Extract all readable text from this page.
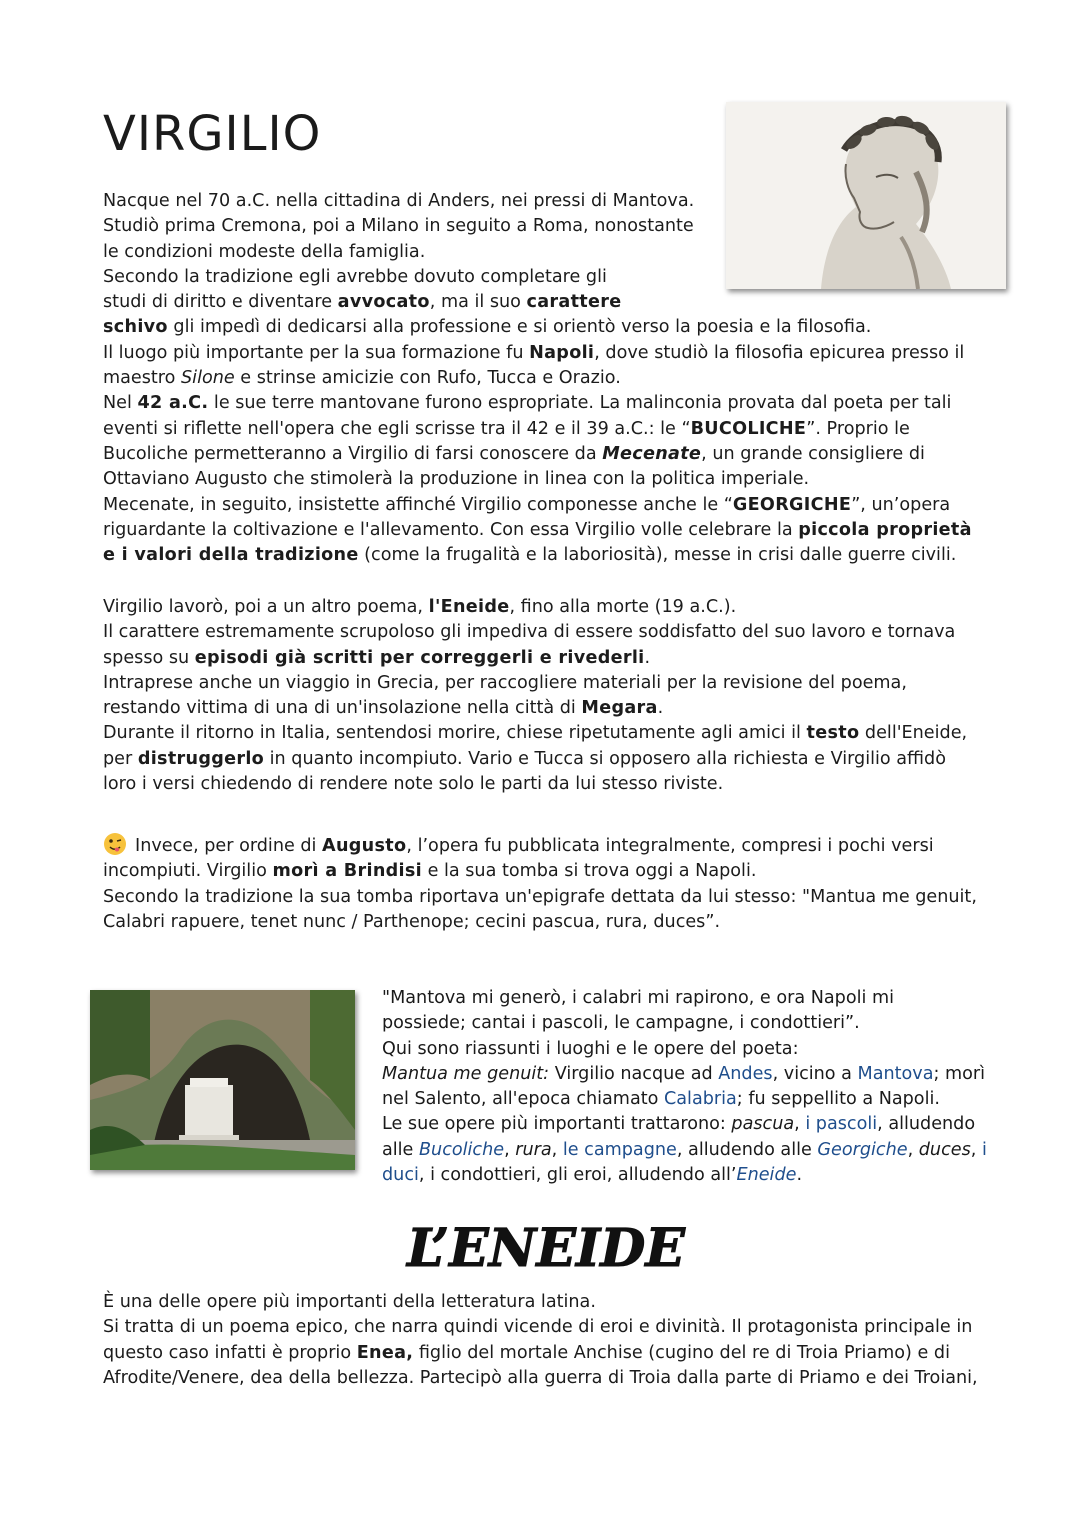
VIRGILIO
Nacque nel 70 a.C. nella cittadina di Anders, nei pressi di Mantova.
Studiò prima Cremona, poi a Milano in seguito a Roma, nonostante
le condizioni modeste della famiglia.
Secondo la tradizione egli avrebbe dovuto completare gli
studi di diritto e diventare avvocato, ma il suo carattere
schivo gli impedì di dedicarsi alla professione e si orientò verso la poesia e la filosofia.
Il luogo più importante per la sua formazione fu Napoli, dove studiò la filosofia epicurea presso il
maestro Silone e strinse amicizie con Rufo, Tucca e Orazio.
Nel 42 a.C. le sue terre mantovane furono espropriate. La malinconia provata dal poeta per tali
eventi si riflette nell'opera che egli scrisse tra il 42 e il 39 a.C.: le “BUCOLICHE”. Proprio le
Bucoliche permetteranno a Virgilio di farsi conoscere da Mecenate, un grande consigliere di
Ottaviano Augusto che stimolerà la produzione in linea con la politica imperiale.
Mecenate, in seguito, insistette affinché Virgilio componesse anche le “GEORGICHE”, un’opera
riguardante la coltivazione e l'allevamento. Con essa Virgilio volle celebrare la piccola proprietà
e i valori della tradizione (come la frugalità e la laboriosità), messe in crisi dalle guerre civili.
Virgilio lavorò, poi a un altro poema, l'Eneide, fino alla morte (19 a.C.).
Il carattere estremamente scrupoloso gli impediva di essere soddisfatto del suo lavoro e tornava
spesso su episodi già scritti per correggerli e rivederli.
Intraprese anche un viaggio in Grecia, per raccogliere materiali per la revisione del poema,
restando vittima di una di un'insolazione nella città di Megara.
Durante il ritorno in Italia, sentendosi morire, chiese ripetutamente agli amici il testo dell'Eneide,
per distruggerlo in quanto incompiuto. Vario e Tucca si opposero alla richiesta e Virgilio affidò
loro i versi chiedendo di rendere note solo le parti da lui stesso riviste.
Invece, per ordine di Augusto, l’opera fu pubblicata integralmente, compresi i pochi versi
incompiuti. Virgilio morì a Brindisi e la sua tomba si trova oggi a Napoli.
Secondo la tradizione la sua tomba riportava un'epigrafe dettata da lui stesso: "Mantua me genuit,
Calabri rapuere, tenet nunc / Parthenope; cecini pascua, rura, duces”.
"Mantova mi generò, i calabri mi rapirono, e ora Napoli mi
possiede; cantai i pascoli, le campagne, i condottieri”.
Qui sono riassunti i luoghi e le opere del poeta:
Mantua me genuit: Virgilio nacque ad Andes, vicino a Mantova; morì
nel Salento, all'epoca chiamato Calabria; fu seppellito a Napoli.
Le sue opere più importanti trattarono: pascua, i pascoli, alludendo
alle Bucoliche, rura, le campagne, alludendo alle Georgiche, duces, i
duci, i condottieri, gli eroi, alludendo all’Eneide.
L’ENEIDE
È una delle opere più importanti della letteratura latina.
Si tratta di un poema epico, che narra quindi vicende di eroi e divinità. Il protagonista principale in
questo caso infatti è proprio Enea, figlio del mortale Anchise (cugino del re di Troia Priamo) e di
Afrodite/Venere, dea della bellezza. Partecipò alla guerra di Troia dalla parte di Priamo e dei Troiani,
